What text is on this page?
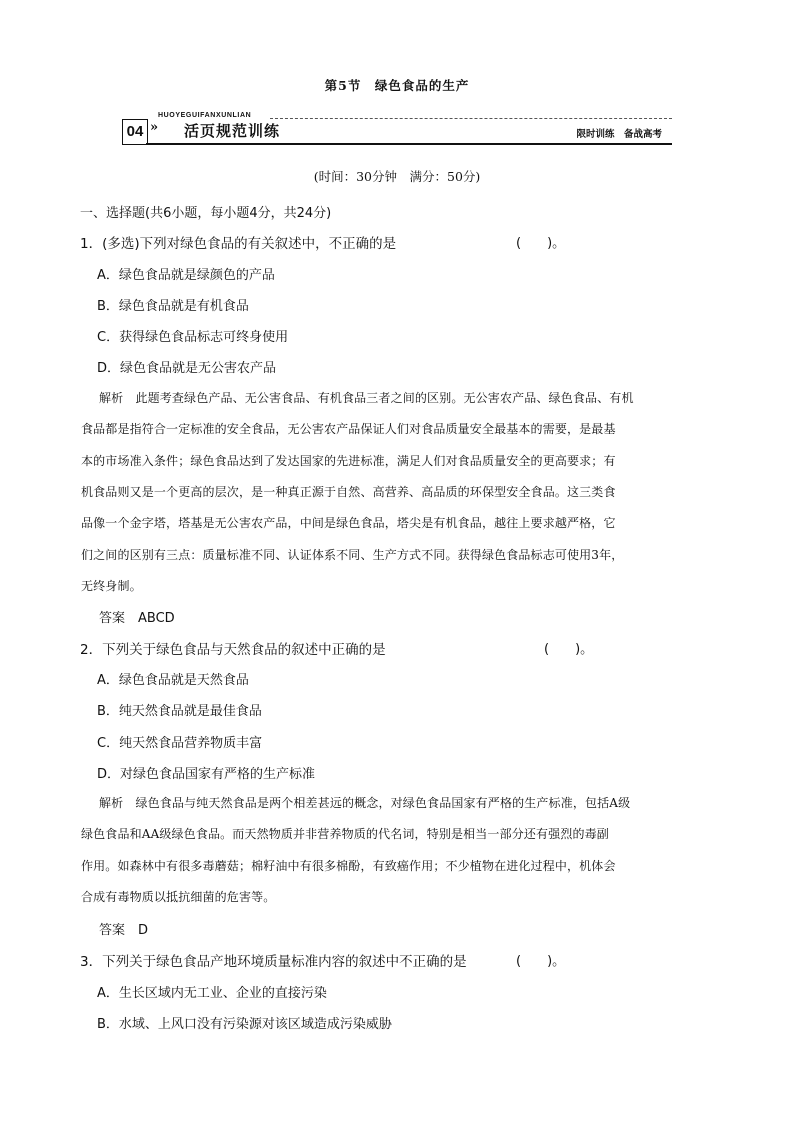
第5节　绿色食品的生产
HUOYEGUIFANXUNLIAN
04 » 活页规范训练	限时训练　备战高考
(时间：30分钟　满分：50分)
一、选择题(共6小题，每小题4分，共24分)
1．(多选)下列对绿色食品的有关叙述中，不正确的是	(　　)。
A．绿色食品就是绿颜色的产品
B．绿色食品就是有机食品
C．获得绿色食品标志可终身使用
D．绿色食品就是无公害农产品
解析　此题考查绿色产品、无公害食品、有机食品三者之间的区别。无公害农产品、绿色食品、有机
食品都是指符合一定标准的安全食品，无公害农产品保证人们对食品质量安全最基本的需要，是最基
本的市场准入条件；绿色食品达到了发达国家的先进标准，满足人们对食品质量安全的更高要求；有
机食品则又是一个更高的层次，是一种真正源于自然、高营养、高品质的环保型安全食品。这三类食
品像一个金字塔，塔基是无公害农产品，中间是绿色食品，塔尖是有机食品，越往上要求越严格，它
们之间的区别有三点：质量标准不同、认证体系不同、生产方式不同。获得绿色食品标志可使用3年，
无终身制。
答案　ABCD
2．下列关于绿色食品与天然食品的叙述中正确的是	(　　)。
A．绿色食品就是天然食品
B．纯天然食品就是最佳食品
C．纯天然食品营养物质丰富
D．对绿色食品国家有严格的生产标准
解析　绿色食品与纯天然食品是两个相差甚远的概念，对绿色食品国家有严格的生产标准，包括A级
绿色食品和AA级绿色食品。而天然物质并非营养物质的代名词，特别是相当一部分还有强烈的毒副
作用。如森林中有很多毒蘑菇；棉籽油中有很多棉酚，有致癌作用；不少植物在进化过程中，机体会
合成有毒物质以抵抗细菌的危害等。
答案　D
3．下列关于绿色食品产地环境质量标准内容的叙述中不正确的是	(　　)。
A．生长区域内无工业、企业的直接污染
B．水域、上风口没有污染源对该区域造成污染威胁
